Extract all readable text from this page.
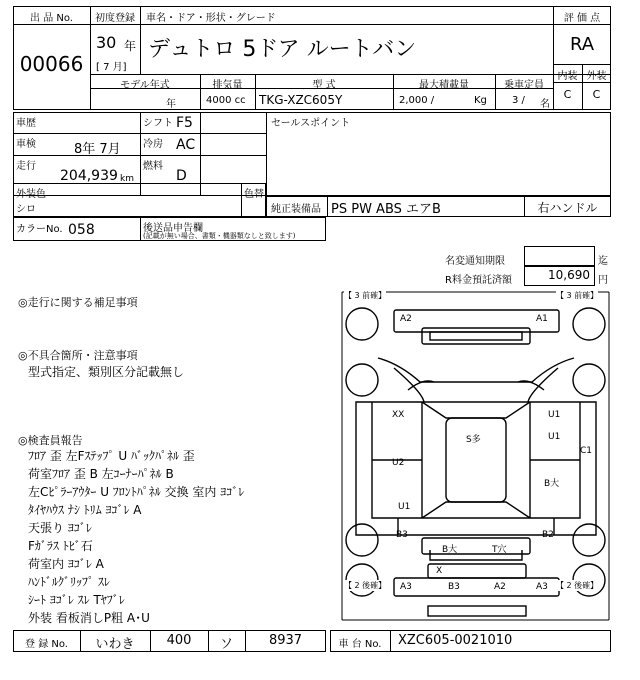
出 品 No.
00066
初度登録
30 年
[ 7 月]
車名・ドア・形状・グレード
デュトロ 5ドア ルートバン
評 価 点
RA
内装 外装
C	C
モデル年式
年
排気量
4000 cc
型 式
TKG-XZC605Y
最大積載量
2,000 /	Kg
乗車定員
3 / 名
車歴	シフト F5
車検	8年 7月 冷房 AC
走行
204,939 km
燃料
D
セールスポイント
外装色
シロ
色替
純正装備品 PS PW ABS エアB	右ハンドル
カラーNo. 058	後送品申告欄
(記載が無い場合、書類・機器類なしと致します)
名変通知期限	迄
R料金預託済額	10,690 円
◎走行に関する補足事項
◎不具合箇所・注意事項
型式指定、類別区分記載無し
◎検査員報告
ﾌﾛｱ 歪 左Fｽﾃｯﾌﾟ U ﾊﾞｯｸﾊﾟﾈﾙ 歪
荷室ﾌﾛｱ 歪 B 左ｺｰﾅｰﾊﾟﾈﾙ B
左Cﾋﾟﾗｰｱｳﾀｰ U ﾌﾛﾝﾄﾊﾟﾈﾙ 交換 室内 ﾖｺﾞﾚ
ﾀｲﾔﾊｳｽ ﾅｼ ﾄﾘﾑ ﾖｺﾞﾚ A
天張り ﾖｺﾞﾚ
Fｶﾞﾗｽ ﾄﾋﾞ石
荷室内 ﾖｺﾞﾚ A
ﾊﾝﾄﾞﾙｸﾞﾘｯﾌﾟ ｽﾚ
ｼｰﾄ ﾖｺﾞﾚ ｽﾚ Tﾔﾌﾞﾚ
外装 看板消しP粗 A･U
【 3 前確】	【 3 前確】
【 2 後確】	【 2 後確】
A2	A1
XX	U1
U1
S多
C1
U2
B大
U1
B3	B2
B大	T穴
X
A3	B3	A2	A3
登 録 No.	いわき	400	ソ	8937	車 台 No.	XZC605-0021010
